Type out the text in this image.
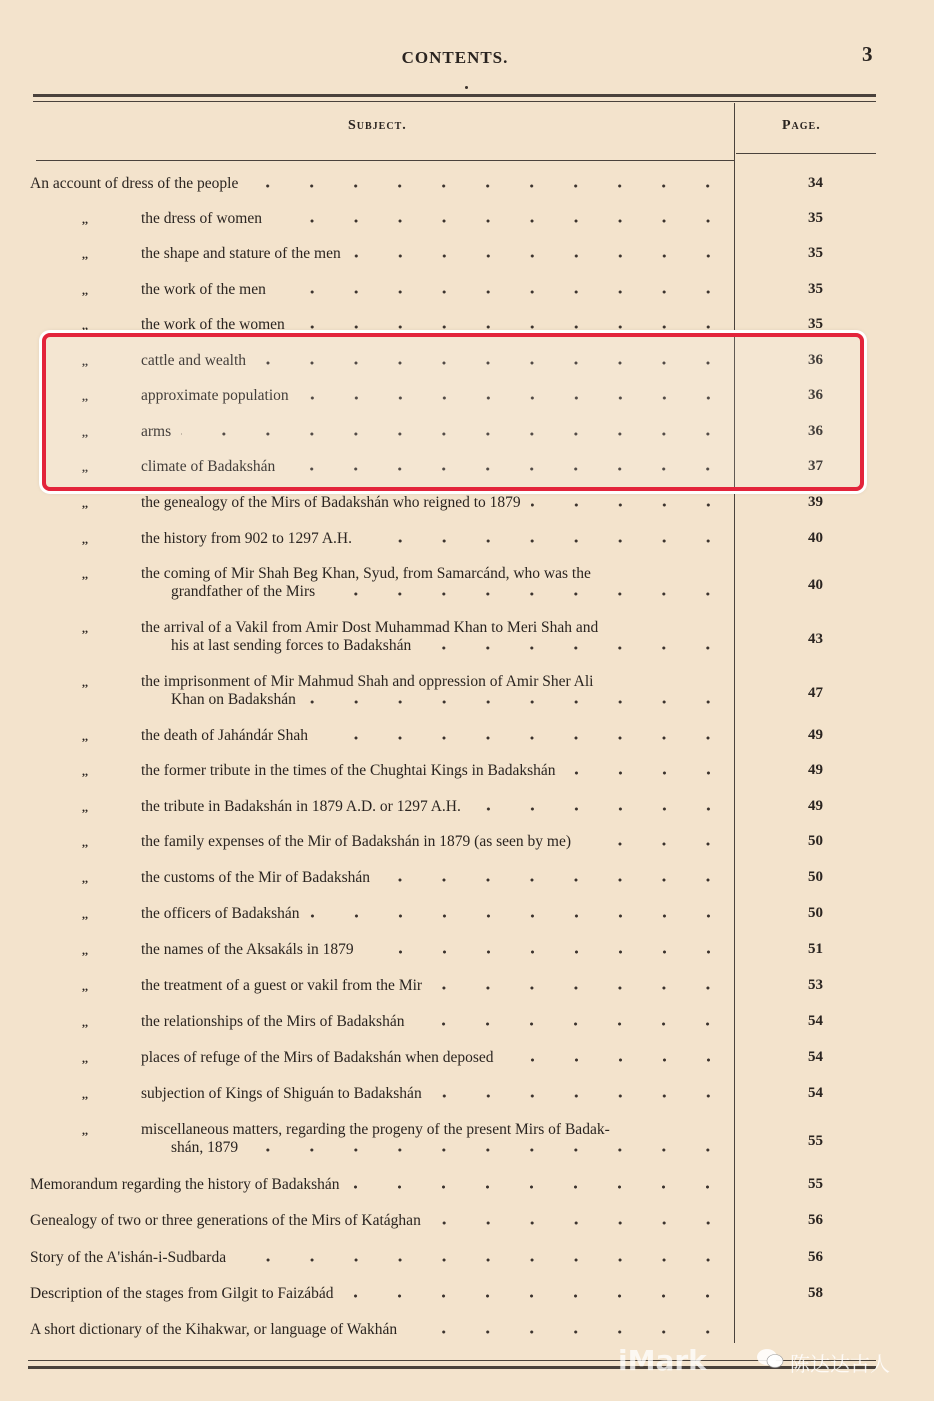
CONTENTS.	3
Subject.	Page.
An account of dress of the people	34
,,	the dress of women	35
,,	the shape and stature of the men	35
,,	the work of the men	35
,,	the work of the women	35
,,	cattle and wealth	36
,,	approximate population	36
,,	arms	36
,,	climate of Badakshán	37
,,	the genealogy of the Mirs of Badakshán who reigned to 1879	39
,,	the history from 902 to 1297 A.H.	40
,,	the coming of Mir Shah Beg Khan, Syud, from Samarcánd, who was the
grandfather of the Mirs	40
,,	the arrival of a Vakil from Amir Dost Muhammad Khan to Meri Shah and
his at last sending forces to Badakshán	43
,,	the imprisonment of Mir Mahmud Shah and oppression of Amir Sher Ali
Khan on Badakshán	47
,,	the death of Jahándár Shah	49
,,	the former tribute in the times of the Chughtai Kings in Badakshán	49
,,	the tribute in Badakshán in 1879 A.D. or 1297 A.H.	49
,,	the family expenses of the Mir of Badakshán in 1879 (as seen by me)	50
,,	the customs of the Mir of Badakshán	50
,,	the officers of Badakshán	50
,,	the names of the Aksakáls in 1879	51
,,	the treatment of a guest or vakil from the Mir	53
,,	the relationships of the Mirs of Badakshán	54
,,	places of refuge of the Mirs of Badakshán when deposed	54
,,	subjection of Kings of Shiguán to Badakshán	54
,,	miscellaneous matters, regarding the progeny of the present Mirs of Badak-
shán, 1879	55
Memorandum regarding the history of Badakshán	55
Genealogy of two or three generations of the Mirs of Katághan	56
Story of the A'ishán-i-Sudbarda	56
Description of the stages from Gilgit to Faizábád	58
A short dictionary of the Kihakwar, or language of Wakhán
iMark	陈达达古人
